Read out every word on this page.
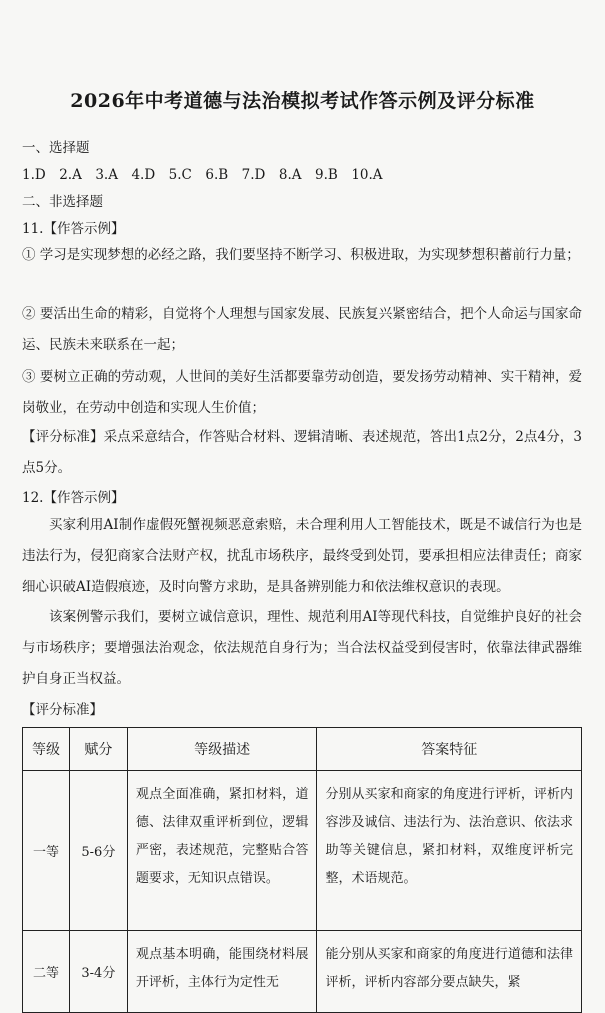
2026年中考道德与法治模拟考试作答示例及评分标准
一、选择题
1.D　2.A　3.A　4.D　5.C　6.B　7.D　8.A　9.B　10.A
二、非选择题
11.【作答示例】
① 学习是实现梦想的必经之路，我们要坚持不断学习、积极进取，为实现梦想积蓄前行力量；
② 要活出生命的精彩，自觉将个人理想与国家发展、民族复兴紧密结合，把个人命运与国家命运、民族未来联系在一起；
③ 要树立正确的劳动观，人世间的美好生活都要靠劳动创造，要发扬劳动精神、实干精神，爱岗敬业，在劳动中创造和实现人生价值；
【评分标准】采点采意结合，作答贴合材料、逻辑清晰、表述规范，答出1点2分，2点4分，3点5分。
12.【作答示例】
买家利用AI制作虚假死蟹视频恶意索赔，未合理利用人工智能技术，既是不诚信行为也是违法行为，侵犯商家合法财产权，扰乱市场秩序，最终受到处罚，要承担相应法律责任；商家细心识破AI造假痕迹，及时向警方求助，是具备辨别能力和依法维权意识的表现。
该案例警示我们，要树立诚信意识，理性、规范利用AI等现代科技，自觉维护良好的社会与市场秩序；要增强法治观念，依法规范自身行为；当合法权益受到侵害时，依靠法律武器维护自身正当权益。
【评分标准】
等级	赋分	等级描述	答案特征
一等	5-6分	观点全面准确，紧扣材料，道德、法律双重评析到位，逻辑严密，表述规范，完整贴合答题要求，无知识点错误。	分别从买家和商家的角度进行评析，评析内容涉及诚信、违法行为、法治意识、依法求助等关键信息，紧扣材料，双维度评析完整，术语规范。
二等	3-4分	观点基本明确，能围绕材料展开评析，主体行为定性无	能分别从买家和商家的角度进行道德和法律评析，评析内容部分要点缺失，紧
